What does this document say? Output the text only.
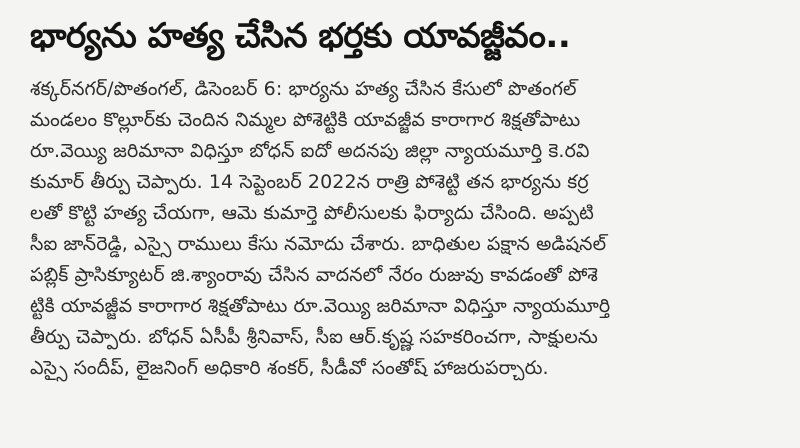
భార్యను హత్య చేసిన భర్తకు యావజ్జీవం..
శక్కర్‌నగర్/పొతంగల్, డిసెంబర్ 6: భార్యను హత్య చేసిన కేసులో పొతంగల్
మండలం కొల్లూర్‌కు చెందిన నిమ్మల పోశెట్టికి యావజ్జీవ కారాగార శిక్షతోపాటు
రూ.వెయ్యి జరిమానా విధిస్తూ బోధన్ ఐదో అదనపు జిల్లా న్యాయమూర్తి కె.రవి
కుమార్ తీర్పు చెప్పారు. 14 సెప్టెంబర్ 2022న రాత్రి పోశెట్టి తన భార్యను కర్ర
లతో కొట్టి హత్య చేయగా, ఆమె కుమార్తె పోలీసులకు ఫిర్యాదు చేసింది. అప్పటి
సీఐ జాన్‌రెడ్డి, ఎస్సై రాములు కేసు నమోదు చేశారు. బాధితుల పక్షాన అడిషనల్
పబ్లిక్ ప్రాసిక్యూటర్ జి.శ్యాంరావు చేసిన వాదనలో నేరం రుజువు కావడంతో పోశె
ట్టికి యావజ్జీవ కారాగార శిక్షతోపాటు రూ.వెయ్యి జరిమానా విధిస్తూ న్యాయమూర్తి
తీర్పు చెప్పారు. బోధన్ ఏసీపీ శ్రీనివాస్, సీఐ ఆర్.కృష్ణ సహకరించగా, సాక్షులను
ఎస్సై సందీప్, లైజనింగ్ అధికారి శంకర్, సీడీవో సంతోష్ హాజరుపర్చారు.
